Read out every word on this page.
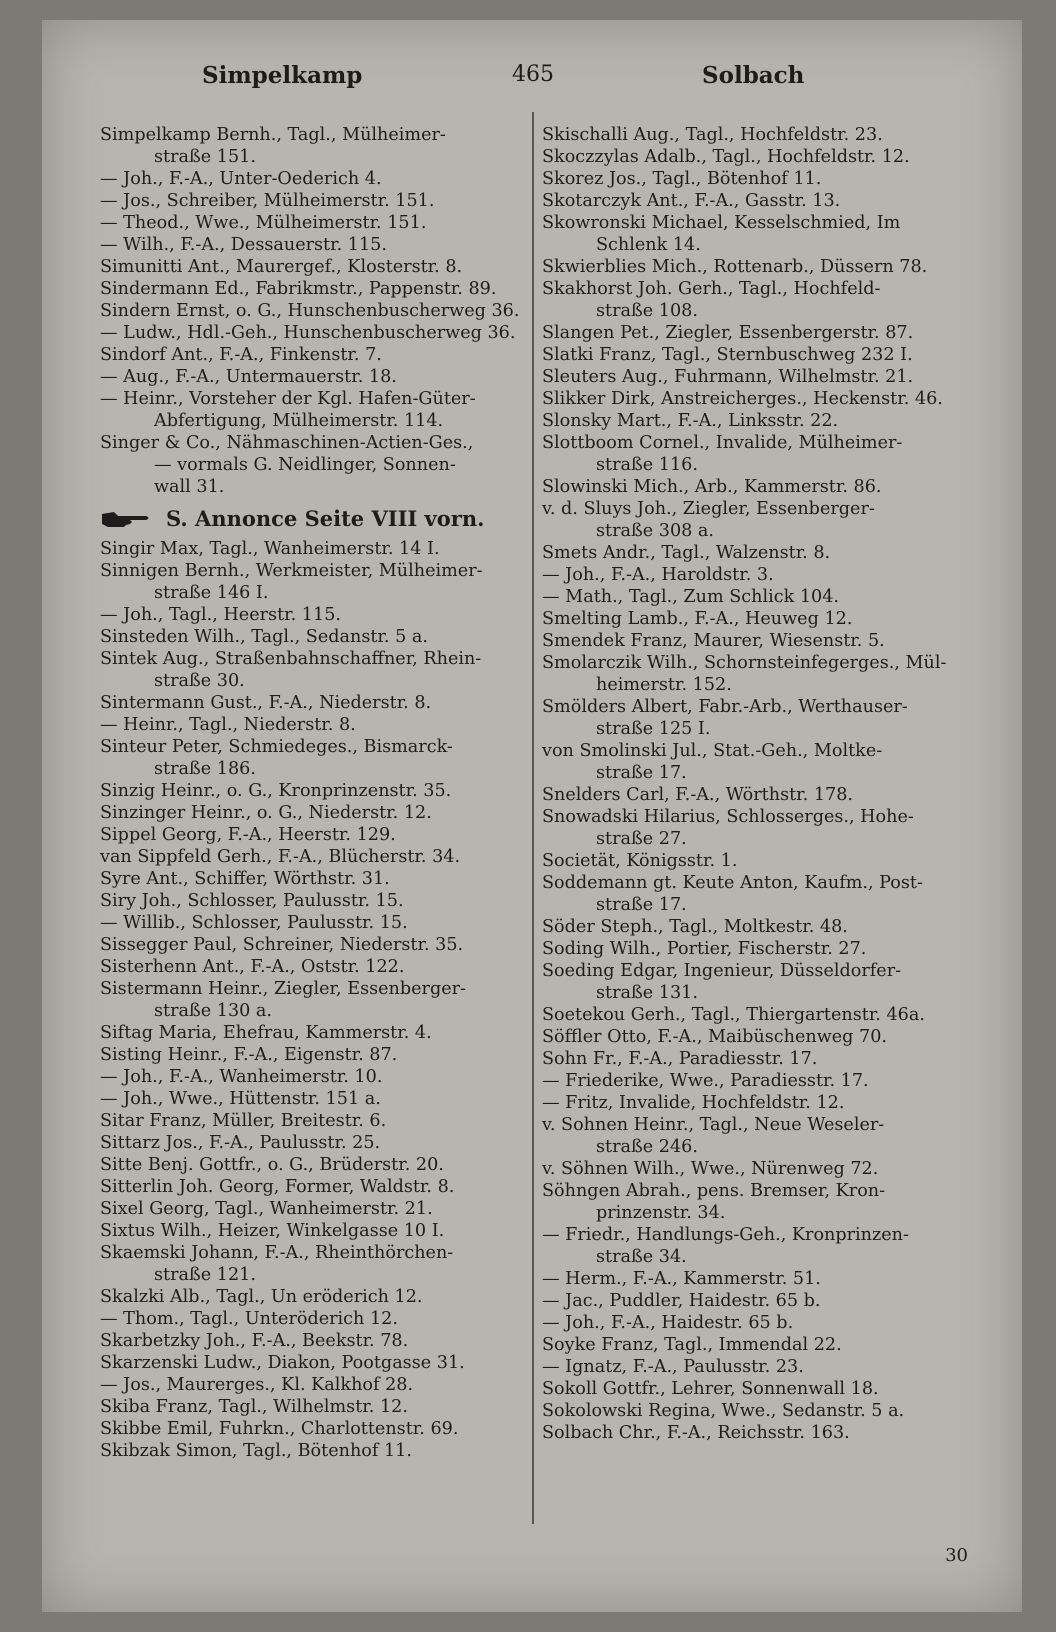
Simpelkamp	465	Solbach
Simpelkamp Bernh., Tagl., Mülheimer-
straße 151.
— Joh., F.-A., Unter-Oederich 4.
— Jos., Schreiber, Mülheimerstr. 151.
— Theod., Wwe., Mülheimerstr. 151.
— Wilh., F.-A., Dessauerstr. 115.
Simunitti Ant., Maurergef., Klosterstr. 8.
Sindermann Ed., Fabrikmstr., Pappenstr. 89.
Sindern Ernst, o. G., Hunschenbuscherweg 36.
— Ludw., Hdl.-Geh., Hunschenbuscherweg 36.
Sindorf Ant., F.-A., Finkenstr. 7.
— Aug., F.-A., Untermauerstr. 18.
— Heinr., Vorsteher der Kgl. Hafen-Güter-
Abfertigung, Mülheimerstr. 114.
Singer & Co., Nähmaschinen-Actien-Ges.,
— vormals G. Neidlinger, Sonnen-
wall 31.
S. Annonce Seite VIII vorn.
Singir Max, Tagl., Wanheimerstr. 14 I.
Sinnigen Bernh., Werkmeister, Mülheimer-
straße 146 I.
— Joh., Tagl., Heerstr. 115.
Sinsteden Wilh., Tagl., Sedanstr. 5 a.
Sintek Aug., Straßenbahnschaffner, Rhein-
straße 30.
Sintermann Gust., F.-A., Niederstr. 8.
— Heinr., Tagl., Niederstr. 8.
Sinteur Peter, Schmiedeges., Bismarck-
straße 186.
Sinzig Heinr., o. G., Kronprinzenstr. 35.
Sinzinger Heinr., o. G., Niederstr. 12.
Sippel Georg, F.-A., Heerstr. 129.
van Sippfeld Gerh., F.-A., Blücherstr. 34.
Syre Ant., Schiffer, Wörthstr. 31.
Siry Joh., Schlosser, Paulusstr. 15.
— Willib., Schlosser, Paulusstr. 15.
Sissegger Paul, Schreiner, Niederstr. 35.
Sisterhenn Ant., F.-A., Oststr. 122.
Sistermann Heinr., Ziegler, Essenberger-
straße 130 a.
Siftag Maria, Ehefrau, Kammerstr. 4.
Sisting Heinr., F.-A., Eigenstr. 87.
— Joh., F.-A., Wanheimerstr. 10.
— Joh., Wwe., Hüttenstr. 151 a.
Sitar Franz, Müller, Breitestr. 6.
Sittarz Jos., F.-A., Paulusstr. 25.
Sitte Benj. Gottfr., o. G., Brüderstr. 20.
Sitterlin Joh. Georg, Former, Waldstr. 8.
Sixel Georg, Tagl., Wanheimerstr. 21.
Sixtus Wilh., Heizer, Winkelgasse 10 I.
Skaemski Johann, F.-A., Rheinthörchen-
straße 121.
Skalzki Alb., Tagl., Un eröderich 12.
— Thom., Tagl., Unteröderich 12.
Skarbetzky Joh., F.-A., Beekstr. 78.
Skarzenski Ludw., Diakon, Pootgasse 31.
— Jos., Maurerges., Kl. Kalkhof 28.
Skiba Franz, Tagl., Wilhelmstr. 12.
Skibbe Emil, Fuhrkn., Charlottenstr. 69.
Skibzak Simon, Tagl., Bötenhof 11.
Skischalli Aug., Tagl., Hochfeldstr. 23.
Skoczzylas Adalb., Tagl., Hochfeldstr. 12.
Skorez Jos., Tagl., Bötenhof 11.
Skotarczyk Ant., F.-A., Gasstr. 13.
Skowronski Michael, Kesselschmied, Im
Schlenk 14.
Skwierblies Mich., Rottenarb., Düssern 78.
Skakhorst Joh. Gerh., Tagl., Hochfeld-
straße 108.
Slangen Pet., Ziegler, Essenbergerstr. 87.
Slatki Franz, Tagl., Sternbuschweg 232 I.
Sleuters Aug., Fuhrmann, Wilhelmstr. 21.
Slikker Dirk, Anstreicherges., Heckenstr. 46.
Slonsky Mart., F.-A., Linksstr. 22.
Slottboom Cornel., Invalide, Mülheimer-
straße 116.
Slowinski Mich., Arb., Kammerstr. 86.
v. d. Sluys Joh., Ziegler, Essenberger-
straße 308 a.
Smets Andr., Tagl., Walzenstr. 8.
— Joh., F.-A., Haroldstr. 3.
— Math., Tagl., Zum Schlick 104.
Smelting Lamb., F.-A., Heuweg 12.
Smendek Franz, Maurer, Wiesenstr. 5.
Smolarczik Wilh., Schornsteinfegerges., Mül-
heimerstr. 152.
Smölders Albert, Fabr.-Arb., Werthauser-
straße 125 I.
von Smolinski Jul., Stat.-Geh., Moltke-
straße 17.
Snelders Carl, F.-A., Wörthstr. 178.
Snowadski Hilarius, Schlosserges., Hohe-
straße 27.
Societät, Königsstr. 1.
Soddemann gt. Keute Anton, Kaufm., Post-
straße 17.
Söder Steph., Tagl., Moltkestr. 48.
Soding Wilh., Portier, Fischerstr. 27.
Soeding Edgar, Ingenieur, Düsseldorfer-
straße 131.
Soetekou Gerh., Tagl., Thiergartenstr. 46a.
Söffler Otto, F.-A., Maibüschenweg 70.
Sohn Fr., F.-A., Paradiesstr. 17.
— Friederike, Wwe., Paradiesstr. 17.
— Fritz, Invalide, Hochfeldstr. 12.
v. Sohnen Heinr., Tagl., Neue Weseler-
straße 246.
v. Söhnen Wilh., Wwe., Nürenweg 72.
Söhngen Abrah., pens. Bremser, Kron-
prinzenstr. 34.
— Friedr., Handlungs-Geh., Kronprinzen-
straße 34.
— Herm., F.-A., Kammerstr. 51.
— Jac., Puddler, Haidestr. 65 b.
— Joh., F.-A., Haidestr. 65 b.
Soyke Franz, Tagl., Immendal 22.
— Ignatz, F.-A., Paulusstr. 23.
Sokoll Gottfr., Lehrer, Sonnenwall 18.
Sokolowski Regina, Wwe., Sedanstr. 5 a.
Solbach Chr., F.-A., Reichsstr. 163.
30
